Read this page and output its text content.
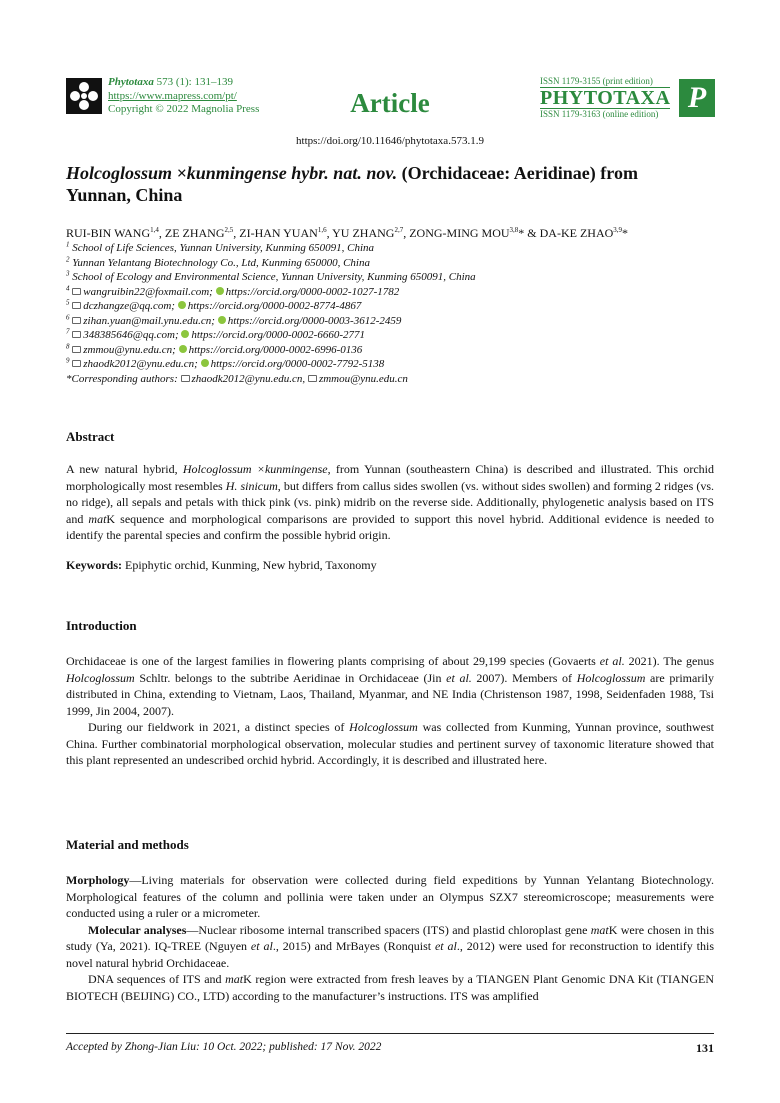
Phytotaxa 573 (1): 131–139
https://www.mapress.com/pt/
Copyright © 2022 Magnolia Press	Article
ISSN 1179-3155 (print edition)
PHYTOTAXA
ISSN 1179-3163 (online edition) P
https://doi.org/10.11646/phytotaxa.573.1.9
Holcoglossum ×kunmingense hybr. nat. nov. (Orchidaceae: Aeridinae) from
Yunnan, China
RUI-BIN WANG$^{1,4}$, ZE ZHANG$^{2,5}$, ZI-HAN YUAN$^{1,6}$, YU ZHANG$^{2,7}$, ZONG-MING MOU$^{3,8}$* & DA-KE ZHAO$^{3,9}$*
$^1$ School of Life Sciences, Yunnan University, Kunming 650091, China
$^2$ Yunnan Yelantang Biotechnology Co., Ltd, Kunming 650000, China
$^3$ School of Ecology and Environmental Science, Yunnan University, Kunming 650091, China
$^4$ wangruibin22@foxmail.com; https://orcid.org/0000-0002-1027-1782
$^5$ dczhangze@qq.com; https://orcid.org/0000-0002-8774-4867
$^6$ zihan.yuan@mail.ynu.edu.cn; https://orcid.org/0000-0003-3612-2459
$^7$ 348385646@qq.com; https://orcid.org/0000-0002-6660-2771
$^8$ zmmou@ynu.edu.cn; https://orcid.org/0000-0002-6996-0136
$^9$ zhaodk2012@ynu.edu.cn; https://orcid.org/0000-0002-7792-5138
*Corresponding authors: zhaodk2012@ynu.edu.cn, zmmou@ynu.edu.cn
Abstract

A new natural hybrid, Holcoglossum ×kunmingense, from Yunnan (southeastern China) is described and illustrated. This orchid morphologically most resembles H. sinicum, but differs from callus sides swollen (vs. without sides swollen) and forming 2 ridges (vs. no ridge), all sepals and petals with thick pink (vs. pink) midrib on the reverse side. Additionally, phylogenetic analysis based on ITS and matK sequence and morphological comparisons are provided to support this novel hybrid. Additional evidence is needed to identify the parental species and confirm the possible hybrid origin.

Keywords: Epiphytic orchid, Kunming, New hybrid, Taxonomy

Introduction

Orchidaceae is one of the largest families in flowering plants comprising of about 29,199 species (Govaerts et al. 2021). The genus Holcoglossum Schltr. belongs to the subtribe Aeridinae in Orchidaceae (Jin et al. 2007). Members of Holcoglossum are primarily distributed in China, extending to Vietnam, Laos, Thailand, Myanmar, and NE India (Christenson 1987, 1998, Seidenfaden 1988, Tsi 1999, Jin 2004, 2007).

During our fieldwork in 2021, a distinct species of Holcoglossum was collected from Kunming, Yunnan province, southwest China. Further combinatorial morphological observation, molecular studies and pertinent survey of taxonomic literature showed that this plant represented an undescribed orchid hybrid. Accordingly, it is described and illustrated here.

Material and methods

Morphology—Living materials for observation were collected during field expeditions by Yunnan Yelantang Biotechnology. Morphological features of the column and pollinia were taken under an Olympus SZX7 stereomicroscope; measurements were conducted using a ruler or a micrometer.

Molecular analyses—Nuclear ribosome internal transcribed spacers (ITS) and plastid chloroplast gene matK were chosen in this study (Ya, 2021). IQ-TREE (Nguyen et al., 2015) and MrBayes (Ronquist et al., 2012) were used for reconstruction to identify this novel natural hybrid Orchidaceae.

DNA sequences of ITS and matK region were extracted from fresh leaves by a TIANGEN Plant Genomic DNA Kit (TIANGEN BIOTECH (BEIJING) CO., LTD) according to the manufacturer’s instructions. ITS was amplified

Accepted by Zhong-Jian Liu: 10 Oct. 2022; published: 17 Nov. 2022	131
